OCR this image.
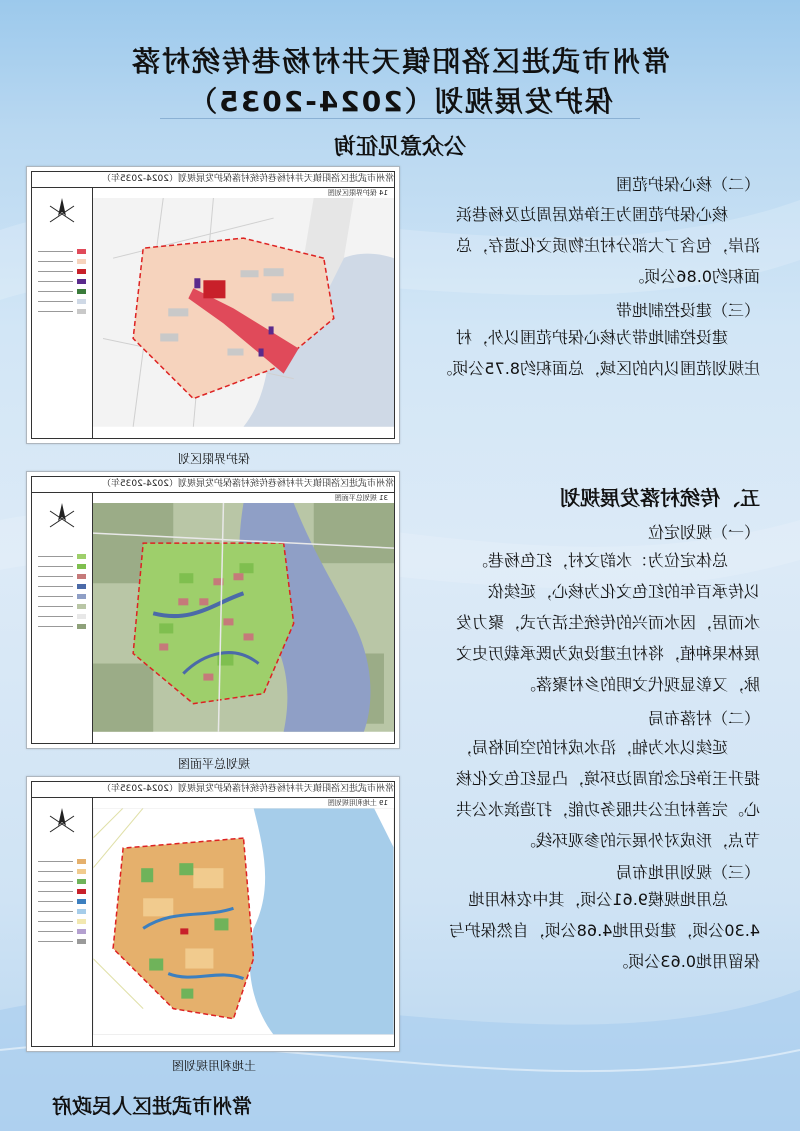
常州市武进区洛阳镇天井村杨巷传统村落
保护发展规划（2024-2035）
公众意见征询
常州市武进区洛阳镇天井村杨巷传统村落保护发展规划（2024-2035年）
14 保护界限区划图
保护界限区划
常州市武进区洛阳镇天井村杨巷传统村落保护发展规划（2024-2035年）
31 规划总平面图
规划总平面图
常州市武进区洛阳镇天井村杨巷传统村落保护发展规划（2024-2035年）
19 土地利用规划图
土地利用规划图
（二）核心保护范围
核心保护范围为王诤故居周边及杨巷浜
沿岸，包含了大部分村庄物质文化遗存，总
面积约0.86公顷。
（三）建设控制地带
建设控制地带为核心保护范围以外，村
庄规划范围以内的区域，总面积约8.75公顷。
五、传统村落发展规划
（一）规划定位
总体定位为：水韵文村，红色杨巷。
以传承百年的红色文化为核心，延续依
水而居，因水而兴的传统生活方式，聚力发
展林果种植，将村庄建设成为既承载历史文
脉，又彰显现代文明的乡村聚落。
（二）村落布局
延续以水为轴，沿水成村的空间格局，
提升王诤纪念馆周边环境，凸显红色文化核
心。完善村庄公共服务功能，打造滨水公共
节点，形成对外展示的参观环线。
（三）规划用地布局
总用地规模9.61公顷，其中农林用地
4.30公顷，建设用地4.68公顷，自然保护与
保留用地0.63公顷。
常州市武进区人民政府
